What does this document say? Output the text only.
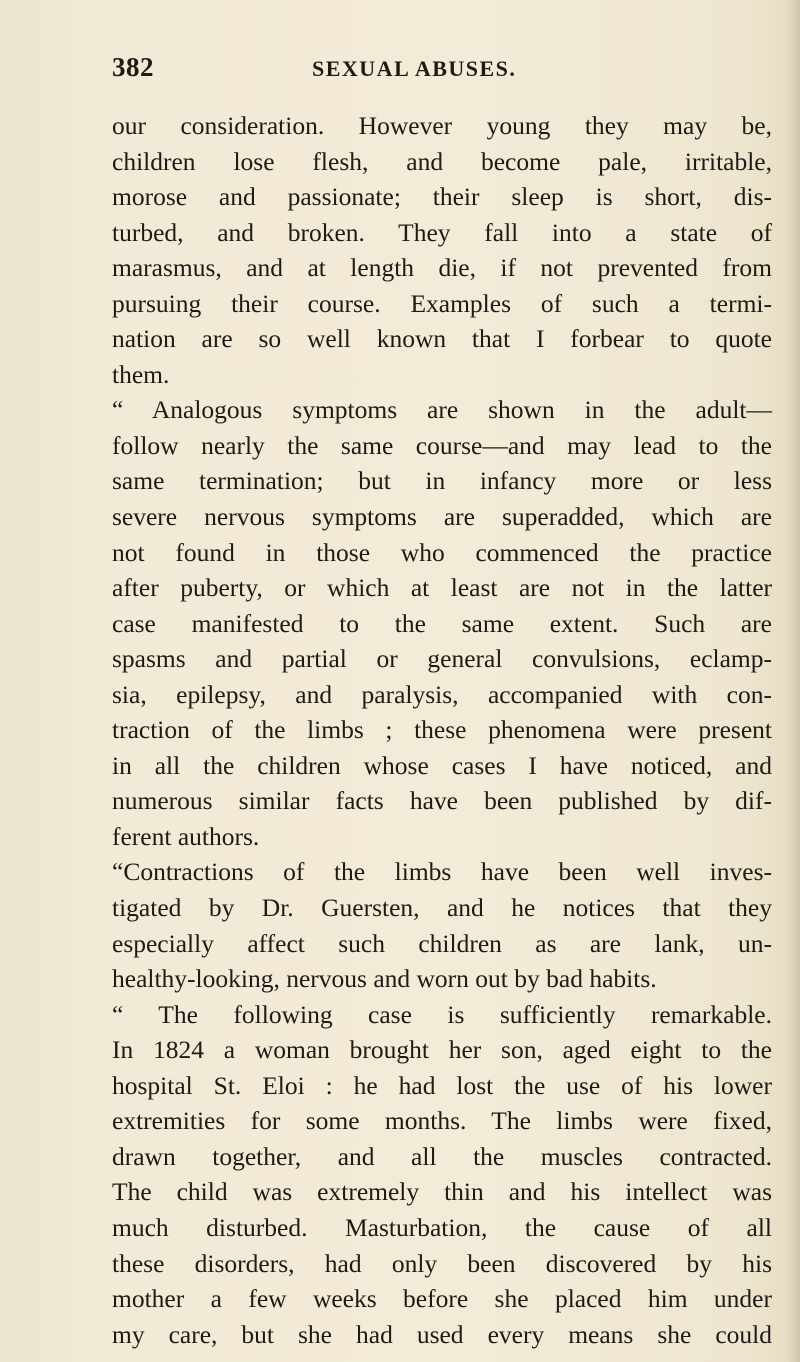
382	SEXUAL ABUSES.
our consideration. However young they may be,
children lose flesh, and become pale, irritable,
morose and passionate; their sleep is short, dis-
turbed, and broken. They fall into a state of
marasmus, and at length die, if not prevented from
pursuing their course. Examples of such a termi-
nation are so well known that I forbear to quote
them.
“ Analogous symptoms are shown in the adult—
follow nearly the same course—and may lead to the
same termination; but in infancy more or less
severe nervous symptoms are superadded, which are
not found in those who commenced the practice
after puberty, or which at least are not in the latter
case manifested to the same extent. Such are
spasms and partial or general convulsions, eclamp-
sia, epilepsy, and paralysis, accompanied with con-
traction of the limbs ; these phenomena were present
in all the children whose cases I have noticed, and
numerous similar facts have been published by dif-
ferent authors.
“Contractions of the limbs have been well inves-
tigated by Dr. Guersten, and he notices that they
especially affect such children as are lank, un-
healthy-looking, nervous and worn out by bad habits.
“ The following case is sufficiently remarkable.
In 1824 a woman brought her son, aged eight to the
hospital St. Eloi : he had lost the use of his lower
extremities for some months. The limbs were fixed,
drawn together, and all the muscles contracted.
The child was extremely thin and his intellect was
much disturbed. Masturbation, the cause of all
these disorders, had only been discovered by his
mother a few weeks before she placed him under
my care, but she had used every means she could
